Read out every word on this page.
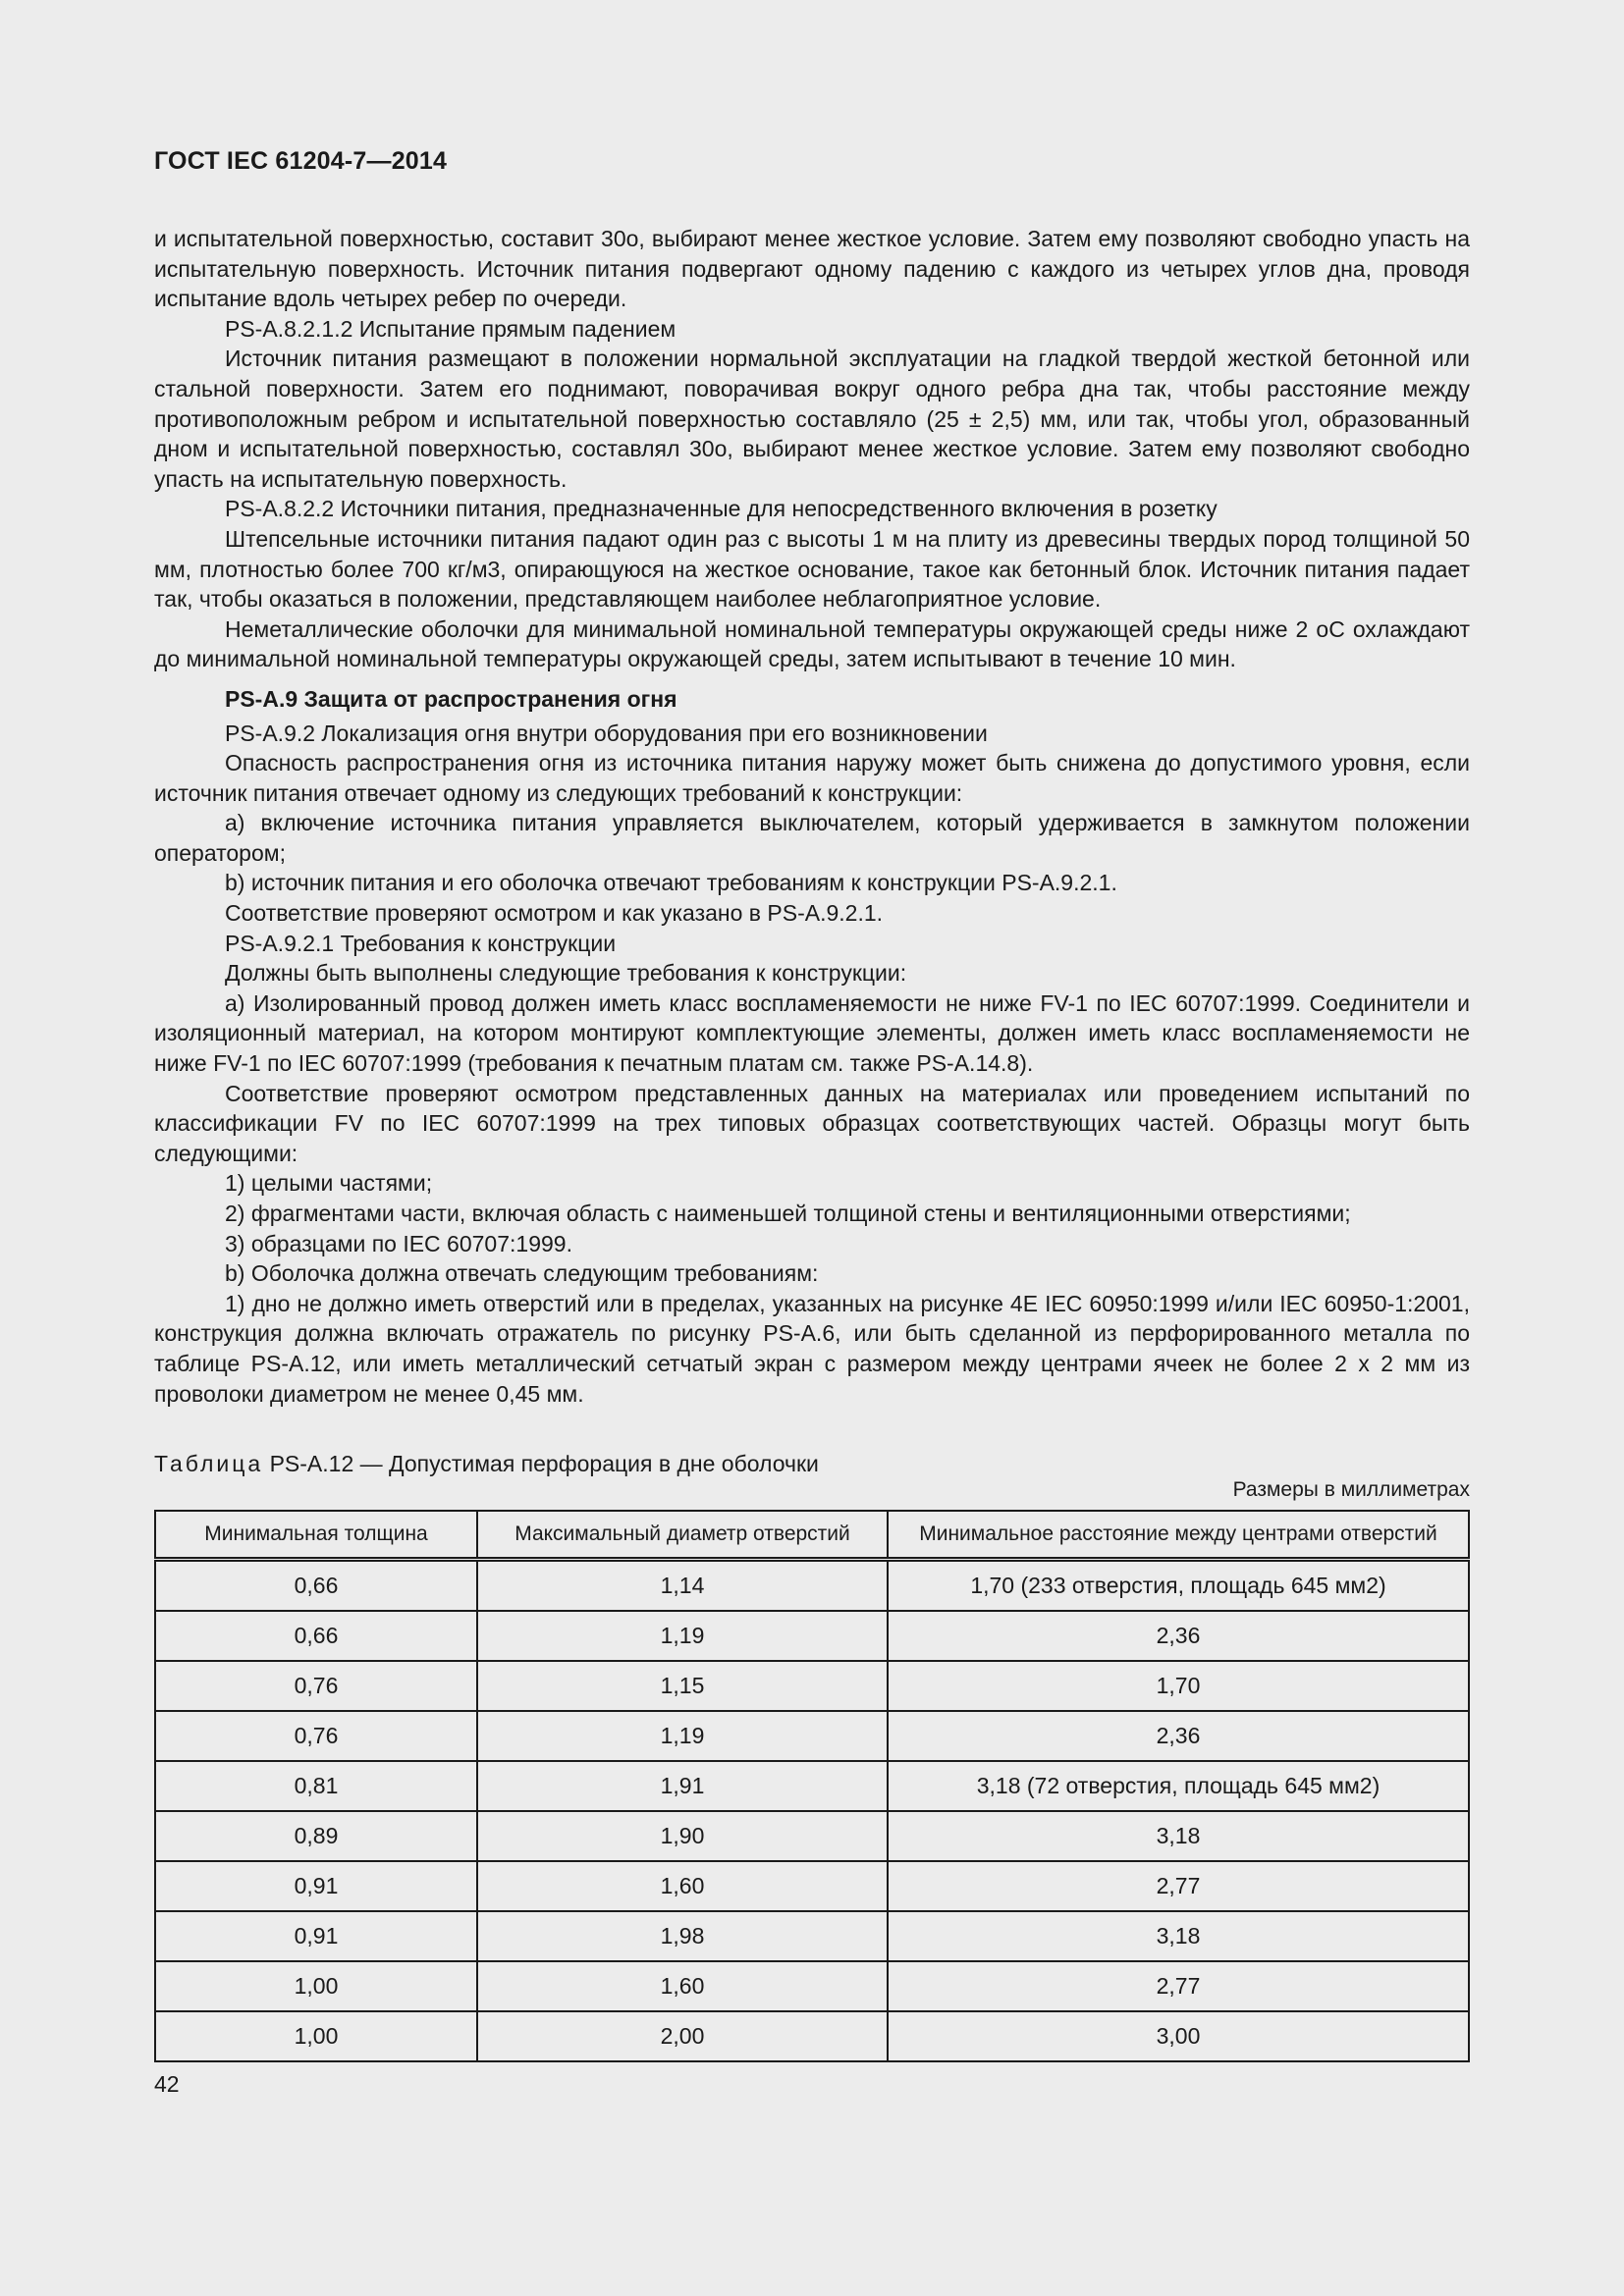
ГОСТ IEC 61204-7—2014

и испытательной поверхностью, составит 30о, выбирают менее жесткое условие. Затем ему позволяют свободно упасть на испытательную поверхность. Источник питания подвергают одному падению с каждого из четырех углов дна, проводя испытание вдоль четырех ребер по очереди.

PS-A.8.2.1.2 Испытание прямым падением

Источник питания размещают в положении нормальной эксплуатации на гладкой твердой жесткой бетонной или стальной поверхности. Затем его поднимают, поворачивая вокруг одного ребра дна так, чтобы расстояние между противоположным ребром и испытательной поверхностью составляло (25 ± 2,5) мм, или так, чтобы угол, образованный дном и испытательной поверхностью, составлял 30о, выбирают менее жесткое условие. Затем ему позволяют свободно упасть на испытательную поверхность.

PS-A.8.2.2 Источники питания, предназначенные для непосредственного включения в розетку

Штепсельные источники питания падают один раз с высоты 1 м на плиту из древесины твердых пород толщиной 50 мм, плотностью более 700 кг/м3, опирающуюся на жесткое основание, такое как бетонный блок. Источник питания падает так, чтобы оказаться в положении, представляющем наиболее неблагоприятное условие.

Неметаллические оболочки для минимальной номинальной температуры окружающей среды ниже 2 оС охлаждают до минимальной номинальной температуры окружающей среды, затем испытывают в течение 10 мин.

PS-A.9 Защита от распространения огня

PS-A.9.2 Локализация огня внутри оборудования при его возникновении

Опасность распространения огня из источника питания наружу может быть снижена до допустимого уровня, если источник питания отвечает одному из следующих требований к конструкции:

a) включение источника питания управляется выключателем, который удерживается в замкнутом положении оператором;

b) источник питания и его оболочка отвечают требованиям к конструкции PS-A.9.2.1.

Соответствие проверяют осмотром и как указано в PS-A.9.2.1.

PS-A.9.2.1 Требования к конструкции

Должны быть выполнены следующие требования к конструкции:

a) Изолированный провод должен иметь класс воспламеняемости не ниже FV-1 по IEC 60707:1999. Соединители и изоляционный материал, на котором монтируют комплектующие элементы, должен иметь класс воспламеняемости не ниже FV-1 по IEC 60707:1999 (требования к печатным платам см. также PS-A.14.8).

Соответствие проверяют осмотром представленных данных на материалах или проведением испытаний по классификации FV по IEC 60707:1999 на трех типовых образцах соответствующих частей. Образцы могут быть следующими:

1) целыми частями;

2) фрагментами части, включая область с наименьшей толщиной стены и вентиляционными отверстиями;

3) образцами по IEC 60707:1999.

b) Оболочка должна отвечать следующим требованиям:

1) дно не должно иметь отверстий или в пределах, указанных на рисунке 4E IEC 60950:1999 и/или IEC 60950-1:2001, конструкция должна включать отражатель по рисунку PS-A.6, или быть сделанной из перфорированного металла по таблице PS-A.12, или иметь металлический сетчатый экран с размером между центрами ячеек не более 2 х 2 мм из проволоки диаметром не менее 0,45 мм.

Таблица PS-A.12 — Допустимая перфорация в дне оболочки
Размеры в миллиметрах
Минимальная толщина	Максимальный диаметр отверстий	Минимальное расстояние между центрами отверстий
0,66	1,14	1,70 (233 отверстия, площадь 645 мм2)
0,66	1,19	2,36
0,76	1,15	1,70
0,76	1,19	2,36
0,81	1,91	3,18 (72 отверстия, площадь 645 мм2)
0,89	1,90	3,18
0,91	1,60	2,77
0,91	1,98	3,18
1,00	1,60	2,77
1,00	2,00	3,00
42
